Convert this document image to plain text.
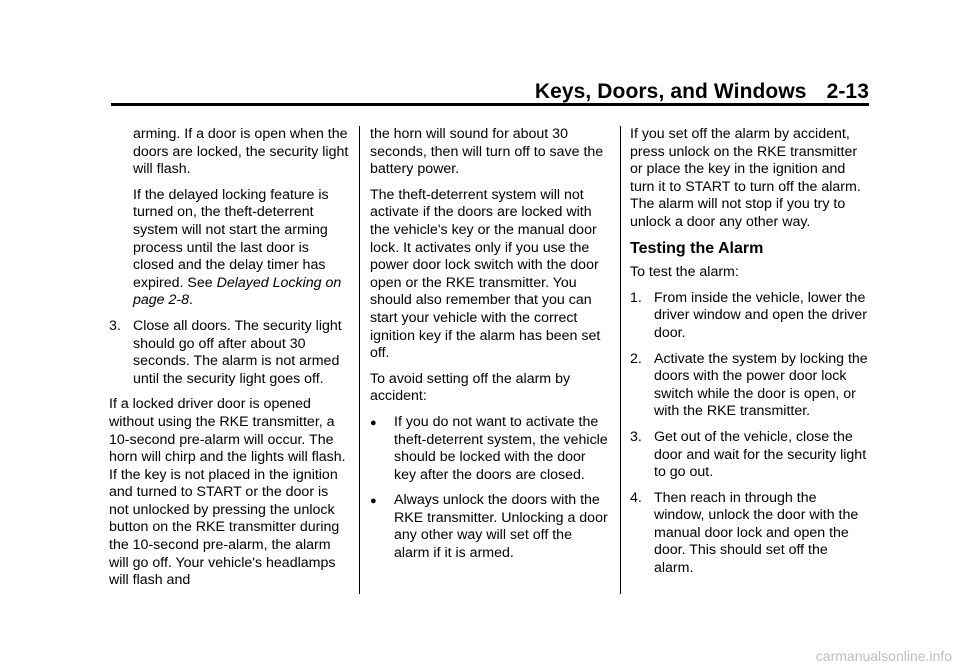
Keys, Doors, and Windows 2-13

arming. If a door is open when the doors are locked, the security light will flash.

If the delayed locking feature is turned on, the theft-deterrent system will not start the arming process until the last door is closed and the delay timer has expired. See Delayed Locking on page 2-8.

3. Close all doors. The security light should go off after about 30 seconds. The alarm is not armed until the security light goes off.

If a locked driver door is opened without using the RKE transmitter, a 10-second pre-alarm will occur. The horn will chirp and the lights will flash. If the key is not placed in the ignition and turned to START or the door is not unlocked by pressing the unlock button on the RKE transmitter during the 10-second pre-alarm, the alarm will go off. Your vehicle's headlamps will flash and

the horn will sound for about 30 seconds, then will turn off to save the battery power.

The theft-deterrent system will not activate if the doors are locked with the vehicle's key or the manual door lock. It activates only if you use the power door lock switch with the door open or the RKE transmitter. You should also remember that you can start your vehicle with the correct ignition key if the alarm has been set off.

To avoid setting off the alarm by accident:

●	If you do not want to activate the theft-deterrent system, the vehicle should be locked with the door key after the doors are closed.
●	Always unlock the doors with the RKE transmitter. Unlocking a door any other way will set off the alarm if it is armed.

If you set off the alarm by accident, press unlock on the RKE transmitter or place the key in the ignition and turn it to START to turn off the alarm. The alarm will not stop if you try to unlock a door any other way.

Testing the Alarm

To test the alarm:

1. From inside the vehicle, lower the driver window and open the driver door.
2. Activate the system by locking the doors with the power door lock switch while the door is open, or with the RKE transmitter.
3. Get out of the vehicle, close the door and wait for the security light to go out.
4. Then reach in through the window, unlock the door with the manual door lock and open the door. This should set off the alarm.
carmanualsonline.info
